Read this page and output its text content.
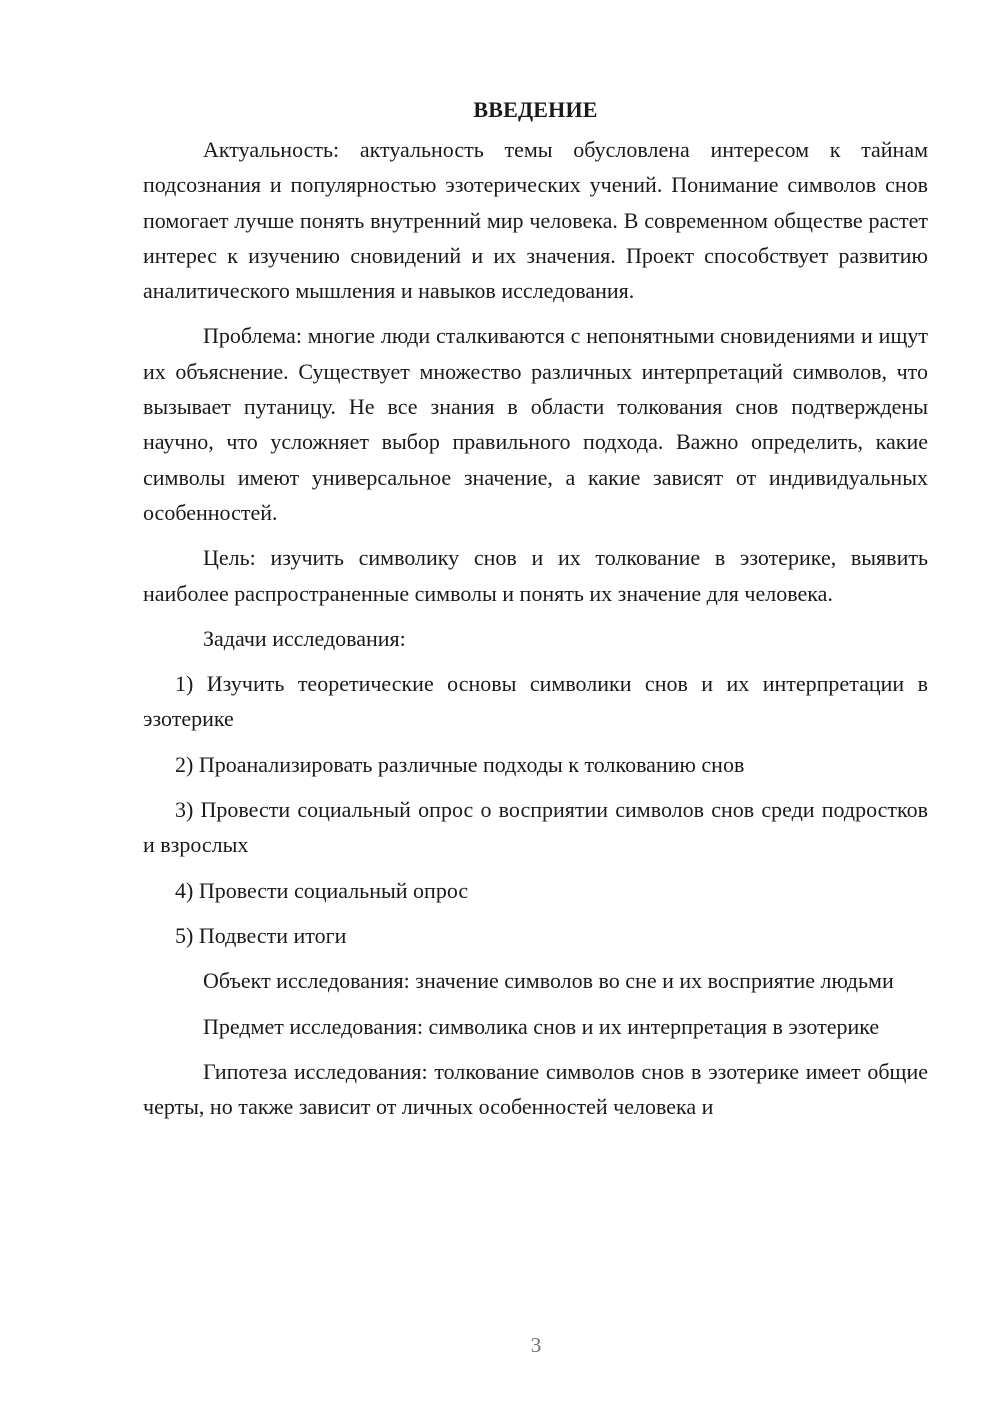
ВВЕДЕНИЕ

Актуальность: актуальность темы обусловлена интересом к тайнам подсознания и популярностью эзотерических учений. Понимание символов снов помогает лучше понять внутренний мир человека. В современном обществе растет интерес к изучению сновидений и их значения. Проект способствует развитию аналитического мышления и навыков исследования.

Проблема: многие люди сталкиваются с непонятными сновидениями и ищут их объяснение. Существует множество различных интерпретаций символов, что вызывает путаницу. Не все знания в области толкования снов подтверждены научно, что усложняет выбор правильного подхода. Важно определить, какие символы имеют универсальное значение, а какие зависят от индивидуальных особенностей.

Цель: изучить символику снов и их толкование в эзотерике, выявить наиболее распространенные символы и понять их значение для человека.

Задачи исследования:

1) Изучить теоретические основы символики снов и их интерпретации в эзотерике

2) Проанализировать различные подходы к толкованию снов

3) Провести социальный опрос о восприятии символов снов среди подростков и взрослых

4) Провести социальный опрос

5) Подвести итоги

Объект исследования: значение символов во сне и их восприятие людьми

Предмет исследования: символика снов и их интерпретация в эзотерике

Гипотеза исследования: толкование символов снов в эзотерике имеет общие черты, но также зависит от личных особенностей человека и

3
